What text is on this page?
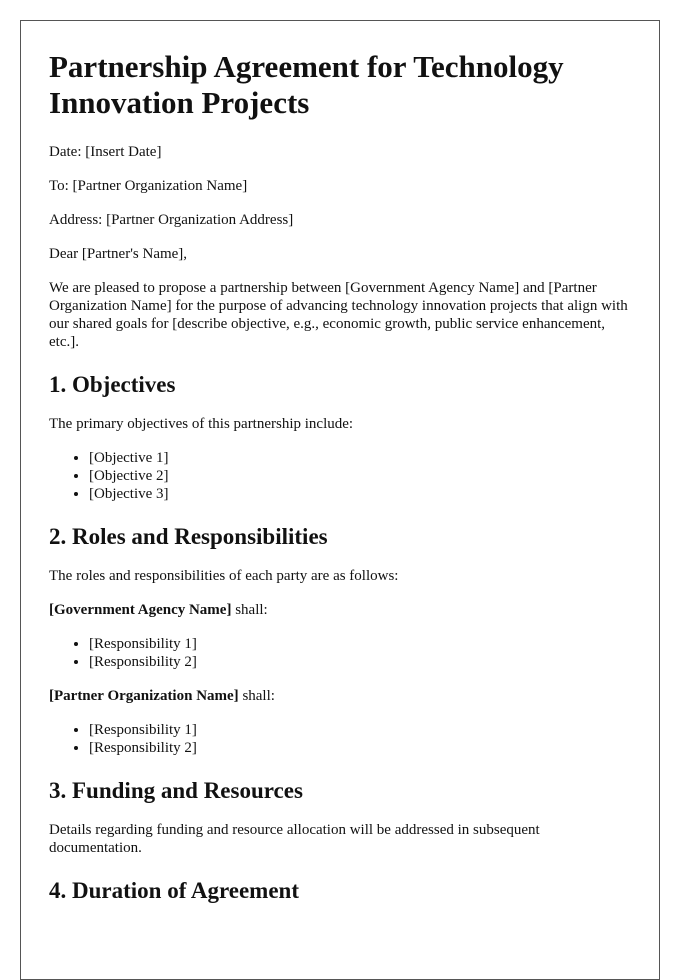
Partnership Agreement for Technology Innovation Projects

Date: [Insert Date]

To: [Partner Organization Name]

Address: [Partner Organization Address]

Dear [Partner's Name],

We are pleased to propose a partnership between [Government Agency Name] and [Partner Organization Name] for the purpose of advancing technology innovation projects that align with our shared goals for [describe objective, e.g., economic growth, public service enhancement, etc.].

1. Objectives

The primary objectives of this partnership include:

• [Objective 1]
• [Objective 2]
• [Objective 3]
2. Roles and Responsibilities

The roles and responsibilities of each party are as follows:

[Government Agency Name] shall:

• [Responsibility 1]
• [Responsibility 2]

[Partner Organization Name] shall:

• [Responsibility 1]
• [Responsibility 2]
3. Funding and Resources

Details regarding funding and resource allocation will be addressed in subsequent documentation.

4. Duration of Agreement
